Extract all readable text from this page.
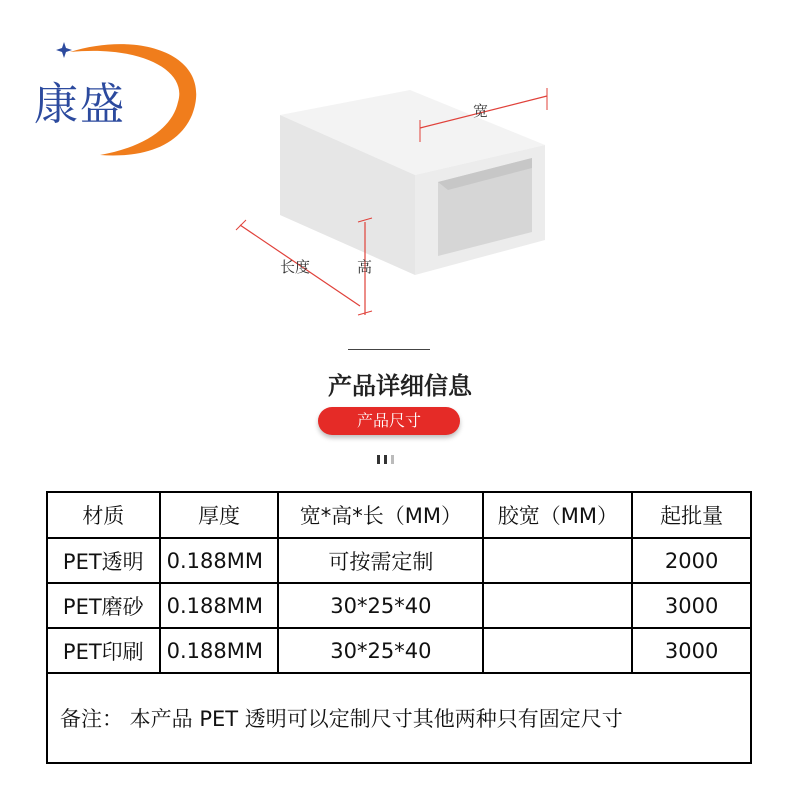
康盛	宽
高
长度
产品详细信息
产品尺寸
材质	厚度	宽*高*长（MM）	胶宽（MM）	起批量
PET透明	0.188MM	可按需定制		2000
PET磨砂	0.188MM	30*25*40		3000
PET印刷	0.188MM	30*25*40		3000
备注： 本产品 PET 透明可以定制尺寸其他两种只有固定尺寸				
